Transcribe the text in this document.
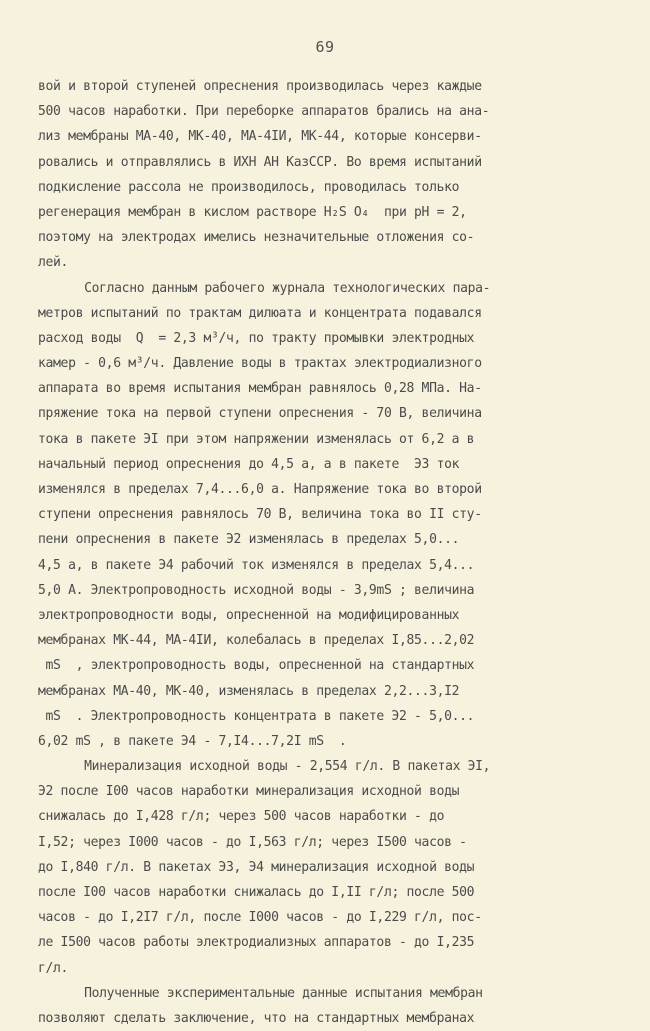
69
вой и второй ступеней опреснения производилась через каждые
500 часов наработки. При переборке аппаратов брались на ана-
лиз мембраны МА-40, МК-40, МА-4IИ, МК-44, которые консерви-
ровались и отправлялись в ИХН АН КазССР. Во время испытаний
подкисление рассола не производилось, проводилась только
регенерация мембран в кислом растворе H₂S O₄  при pH = 2,
поэтому на электродах имелись незначительные отложения со-
лей.
Согласно данным рабочего журнала технологических пара-
метров испытаний по трактам дилюата и концентрата подавался
расход воды  Q  = 2,3 м³/ч, по тракту промывки электродных
камер - 0,6 м³/ч. Давление воды в трактах электродиализного
аппарата во время испытания мембран равнялось 0,28 МПа. На-
пряжение тока на первой ступени опреснения - 70 В, величина
тока в пакете ЭI при этом напряжении изменялась от 6,2 а в
начальный период опреснения до 4,5 а, а в пакете  Э3 ток
изменялся в пределах 7,4...6,0 а. Напряжение тока во второй
ступени опреснения равнялось 70 В, величина тока во II сту-
пени опреснения в пакете Э2 изменялась в пределах 5,0...
4,5 а, в пакете Э4 рабочий ток изменялся в пределах 5,4...
5,0 А. Электропроводность исходной воды - 3,9mS ; величина
электропроводности воды, опресненной на модифицированных
мембранах МК-44, МА-4IИ, колебалась в пределах I,85...2,02
mS  , электропроводность воды, опресненной на стандартных
мембранах МА-40, МК-40, изменялась в пределах 2,2...3,I2
mS  . Электропроводность концентрата в пакете Э2 - 5,0...
6,02 mS , в пакете Э4 - 7,I4...7,2I mS  .
Минерализация исходной воды - 2,554 г/л. В пакетах ЭI,
Э2 после I00 часов наработки минерализация исходной воды
снижалась до I,428 г/л; через 500 часов наработки - до
I,52; через I000 часов - до I,563 г/л; через I500 часов -
до I,840 г/л. В пакетах Э3, Э4 минерализация исходной воды
после I00 часов наработки снижалась до I,II г/л; после 500
часов - до I,2I7 г/л, после I000 часов - до I,229 г/л, пос-
ле I500 часов работы электродиализных аппаратов - до I,235
г/л.
Полученные экспериментальные данные испытания мембран
позволяют сделать заключение, что на стандартных мембранах
